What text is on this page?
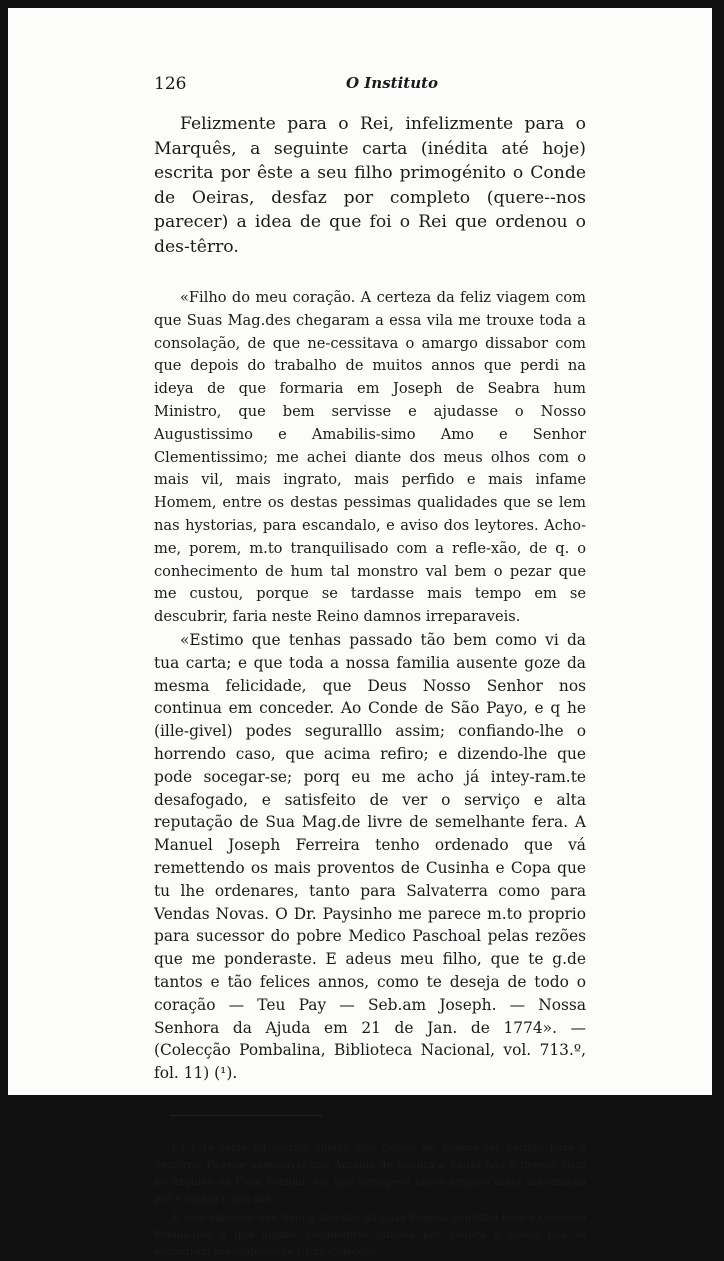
126	O Instituto

Felizmente para o Rei, infelizmente para o Marquês, a seguinte carta (inédita até hoje) escrita por êste a seu filho primogénito o Conde de Oeiras, desfaz por completo (quere--nos parecer) a idea de que foi o Rei que ordenou o des-têrro.

«Filho do meu coração. A certeza da feliz viagem com que Suas Mag.des chegaram a essa vila me trouxe toda a consolação, de que ne-cessitava o amargo dissabor com que depois do trabalho de muitos annos que perdi na ideya de que formaria em Joseph de Seabra hum Ministro, que bem servisse e ajudasse o Nosso Augustissimo e Amabilis-simo Amo e Senhor Clementissimo; me achei diante dos meus olhos com o mais vil, mais ingrato, mais perfido e mais infame Homem, entre os destas pessimas qualidades que se lem nas hystorias, para escandalo, e aviso dos leytores. Acho-me, porem, m.to tranquilisado com a refle-xão, de q. o conhecimento de hum tal monstro val bem o pezar que me custou, porque se tardasse mais tempo em se descubrir, faria neste Reino damnos irreparaveis.

«Estimo que tenhas passado tão bem como vi da tua carta; e que toda a nossa familia ausente goze da mesma felicidade, que Deus Nosso Senhor nos continua em conceder. Ao Conde de São Payo, e q he (ille-givel) podes seguralllo assim; confiando-lhe o horrendo caso, que acima refiro; e dizendo-lhe que pode socegar-se; porq eu me acho já intey-ram.te desafogado, e satisfeito de ver o serviço e alta reputação de Sua Mag.de livre de semelhante fera. A Manuel Joseph Ferreira tenho ordenado que vá remettendo os mais proventos de Cusinha e Copa que tu lhe ordenares, tanto para Salvaterra como para Vendas Novas. O Dr. Paysinho me parece m.to proprio para sucessor do pobre Medico Paschoal pelas rezões que me ponderaste. E adeus meu filho, que te g.de tantos e tão felices annos, como te deseja de todo o coração — Teu Pay — Seb.am Joseph. — Nossa Senhora da Ajuda em 21 de Jan. de 1774». — (Colecção Pombalina, Biblioteca Nacional, vol. 713.º, fol. 11) (¹).

(¹) Esta carta foi escrita quatro dias depois de Seabra ter partido para o destêrro. Pa-rece impossível que António de Seabra e Sousa não a tivesse visto no Arquivo da Casa Pombal, êle que forrageou nesse arquivo tanta informação pró e contra o seu avô.

É bom saber-se que todo o Arquivo da Casa Pombal constitui hoje a Colecção Pomba-lina e que alguns documentos citados por Seabra e Sousa não se encontram presentemente (!) na Colecção.
